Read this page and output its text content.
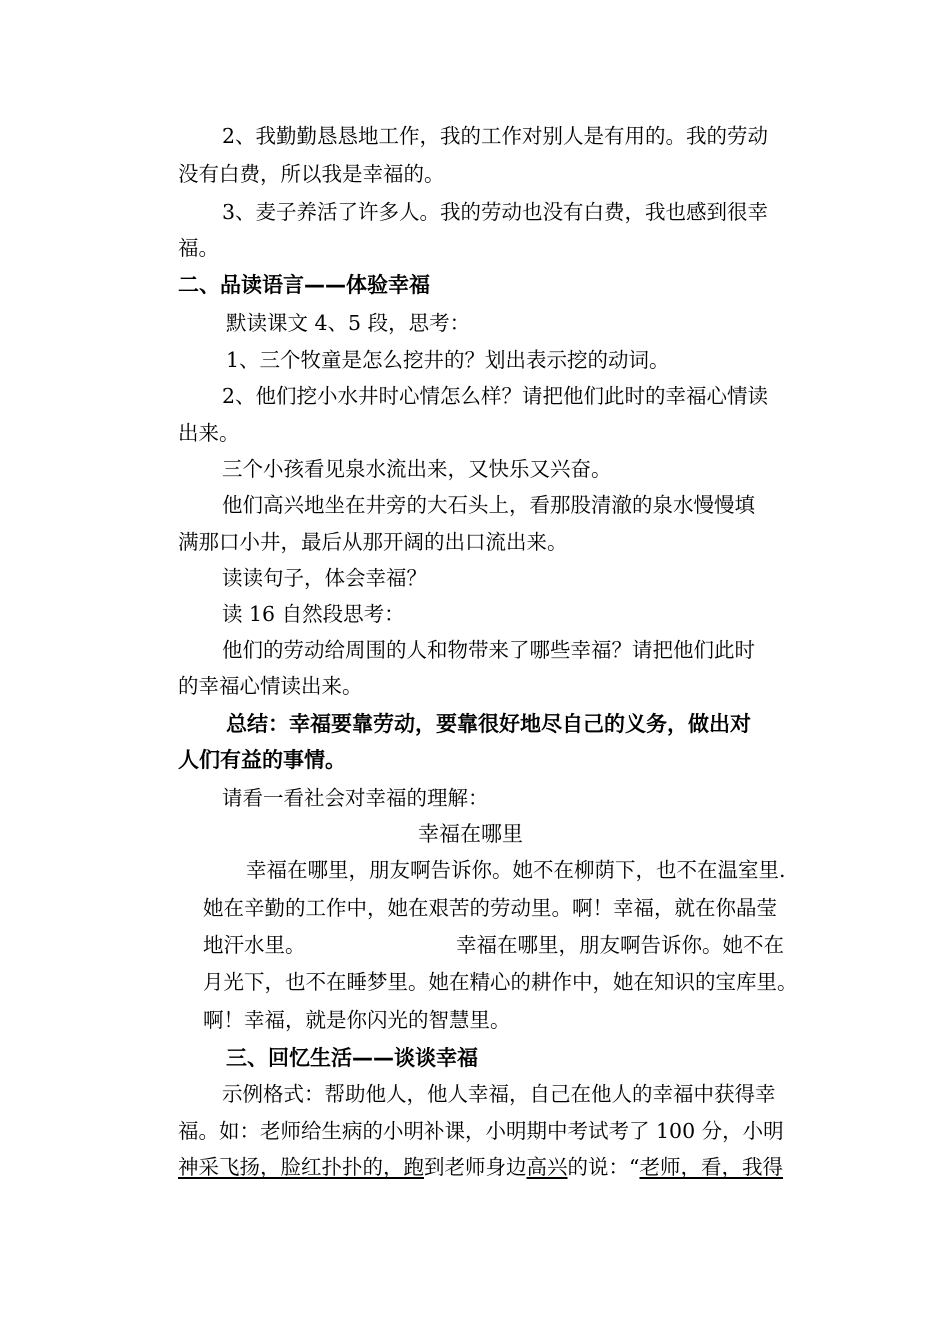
2、我勤勤恳恳地工作，我的工作对别人是有用的。我的劳动
没有白费，所以我是幸福的。
3、麦子养活了许多人。我的劳动也没有白费，我也感到很幸
福。
二、品读语言——体验幸福
默读课文 4、5 段，思考：
1、三个牧童是怎么挖井的？划出表示挖的动词。
2、他们挖小水井时心情怎么样？请把他们此时的幸福心情读
出来。
三个小孩看见泉水流出来，又快乐又兴奋。
他们高兴地坐在井旁的大石头上，看那股清澈的泉水慢慢填
满那口小井，最后从那开阔的出口流出来。
读读句子，体会幸福？
读 16 自然段思考：
他们的劳动给周围的人和物带来了哪些幸福？请把他们此时
的幸福心情读出来。
总结：幸福要靠劳动，要靠很好地尽自己的义务，做出对
人们有益的事情。
请看一看社会对幸福的理解：
幸福在哪里
幸福在哪里，朋友啊告诉你。她不在柳荫下，也不在温室里.
她在辛勤的工作中，她在艰苦的劳动里。啊！幸福，就在你晶莹
地汗水里。	幸福在哪里，朋友啊告诉你。她不在
月光下，也不在睡梦里。她在精心的耕作中，她在知识的宝库里。
啊！幸福，就是你闪光的智慧里。
三、回忆生活——谈谈幸福
示例格式：帮助他人，他人幸福，自己在他人的幸福中获得幸
福。如：老师给生病的小明补课，小明期中考试考了 100 分，小明
神采飞扬，脸红扑扑的，跑到老师身边高兴的说：“老师，看，我得
